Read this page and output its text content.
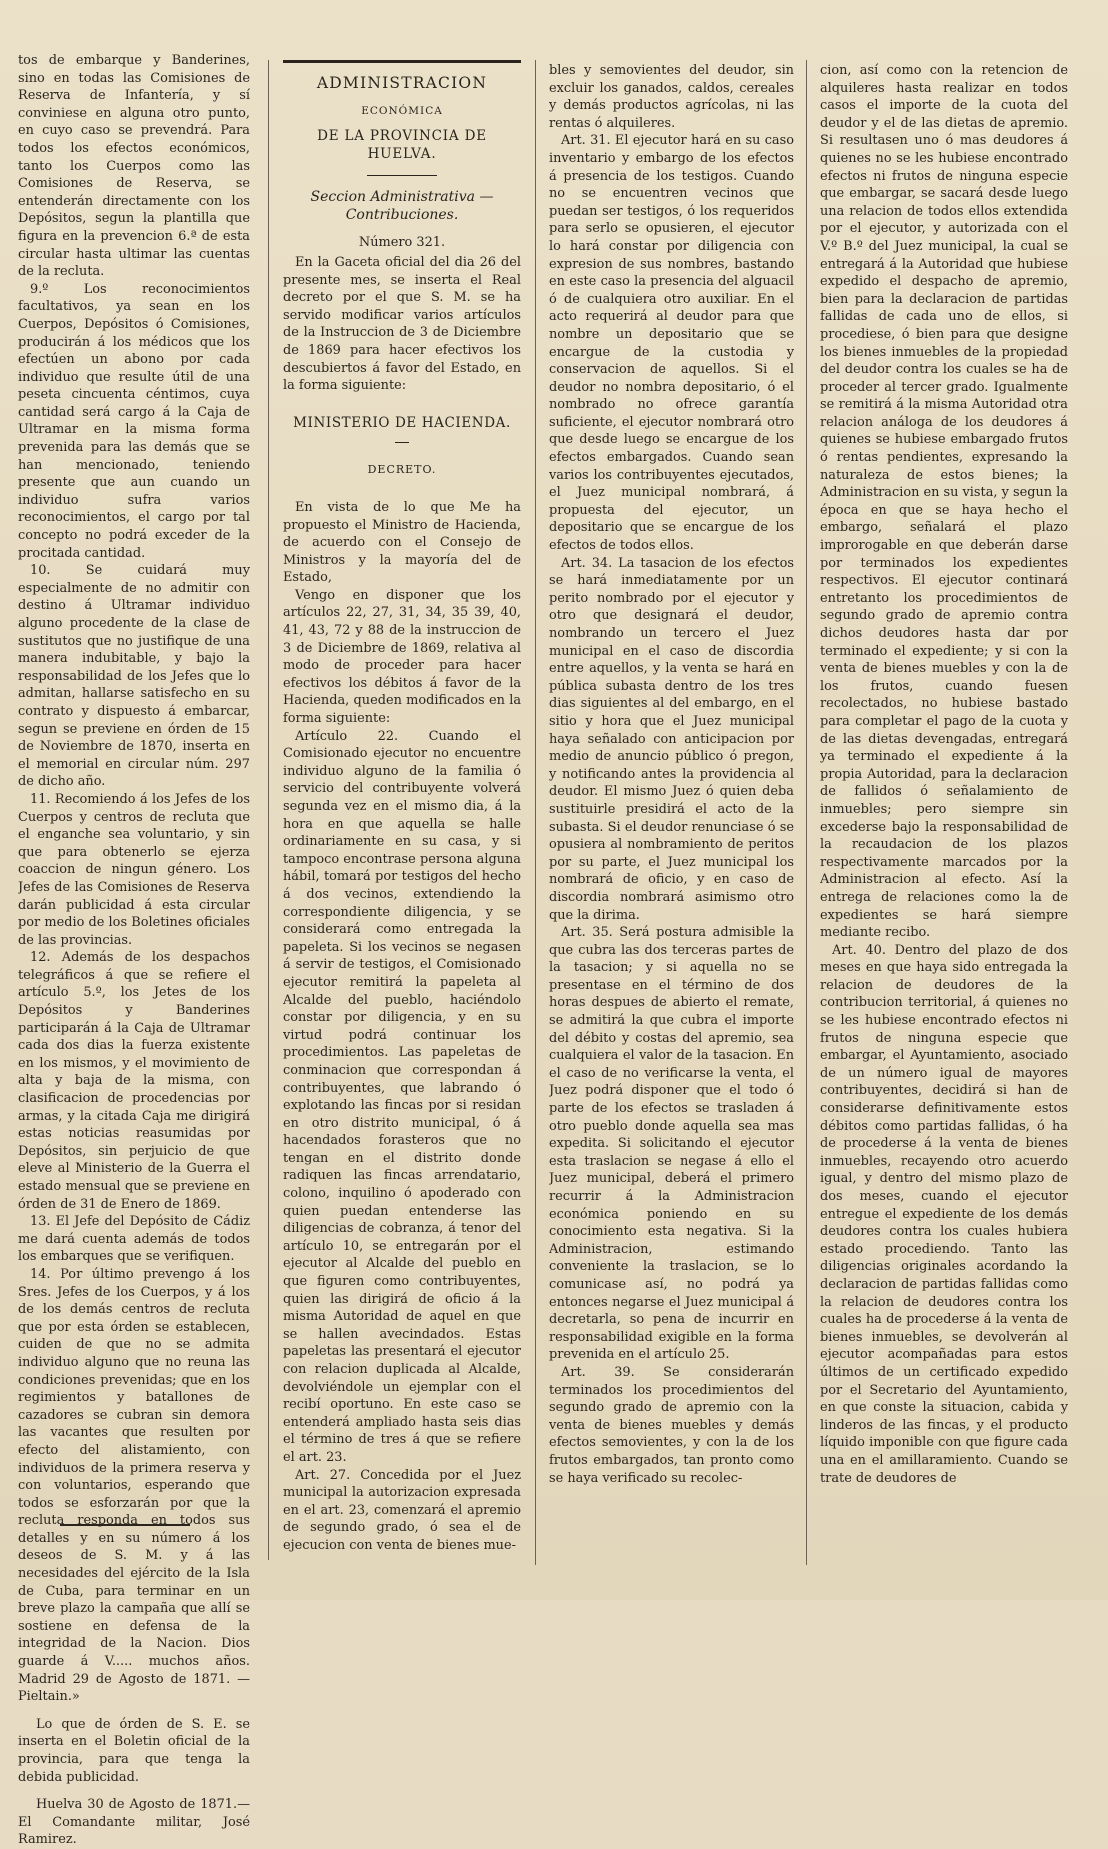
tos de embarque y Banderines, sino en todas las Comisiones de Reserva de Infantería, y sí conviniese en alguna otro punto, en cuyo caso se prevendrá. Para todos los efectos económicos, tanto los Cuerpos como las Comisiones de Reserva, se entenderán directamente con los Depósitos, segun la plantilla que figura en la prevencion 6.ª de esta circular hasta ultimar las cuentas de la recluta.

9.º Los reconocimientos facultativos, ya sean en los Cuerpos, Depósitos ó Comisiones, producirán á los médicos que los efectúen un abono por cada individuo que resulte útil de una peseta cincuenta céntimos, cuya cantidad será cargo á la Caja de Ultramar en la misma forma prevenida para las demás que se han mencionado, teniendo presente que aun cuando un individuo sufra varios reconocimientos, el cargo por tal concepto no podrá exceder de la procitada cantidad.

10. Se cuidará muy especialmente de no admitir con destino á Ultramar individuo alguno procedente de la clase de sustitutos que no justifique de una manera indubitable, y bajo la responsabilidad de los Jefes que lo admitan, hallarse satisfecho en su contrato y dispuesto á embarcar, segun se previene en órden de 15 de Noviembre de 1870, inserta en el memorial en circular núm. 297 de dicho año.

11. Recomiendo á los Jefes de los Cuerpos y centros de recluta que el enganche sea voluntario, y sin que para obtenerlo se ejerza coaccion de ningun género. Los Jefes de las Comisiones de Reserva darán publicidad á esta circular por medio de los Boletines oficiales de las provincias.

12. Además de los despachos telegráficos á que se refiere el artículo 5.º, los Jetes de los Depósitos y Banderines participarán á la Caja de Ultramar cada dos dias la fuerza existente en los mismos, y el movimiento de alta y baja de la misma, con clasificacion de procedencias por armas, y la citada Caja me dirigirá estas noticias reasumidas por Depósitos, sin perjuicio de que eleve al Ministerio de la Guerra el estado mensual que se previene en órden de 31 de Enero de 1869.

13. El Jefe del Depósito de Cádiz me dará cuenta además de todos los embarques que se verifiquen.

14. Por último prevengo á los Sres. Jefes de los Cuerpos, y á los de los demás centros de recluta que por esta órden se establecen, cuiden de que no se admita individuo alguno que no reuna las condiciones prevenidas; que en los regimientos y batallones de cazadores se cubran sin demora las vacantes que resulten por efecto del alistamiento, con individuos de la primera reserva y con voluntarios, esperando que todos se esforzarán por que la recluta responda en todos sus detalles y en su número á los deseos de S. M. y á las necesidades del ejército de la Isla de Cuba, para terminar en un breve plazo la campaña que allí se sostiene en defensa de la integridad de la Nacion. Dios guarde á V..... muchos años. Madrid 29 de Agosto de 1871. —Pieltain.»

Lo que de órden de S. E. se inserta en el Boletin oficial de la provincia, para que tenga la debida publicidad.

Huelva 30 de Agosto de 1871.—El Comandante militar, José Ramirez.

ADMINISTRACION
ECONÓMICA
DE LA PROVINCIA DE HUELVA.
Seccion Administrativa —Contribuciones.
Número 321.

En la Gaceta oficial del dia 26 del presente mes, se inserta el Real decreto por el que S. M. se ha servido modificar varios artículos de la Instruccion de 3 de Diciembre de 1869 para hacer efectivos los descubiertos á favor del Estado, en la forma siguiente:

MINISTERIO DE HACIENDA.
DECRETO.

En vista de lo que Me ha propuesto el Ministro de Hacienda, de acuerdo con el Consejo de Ministros y la mayoría del de Estado,

Vengo en disponer que los artículos 22, 27, 31, 34, 35 39, 40, 41, 43, 72 y 88 de la instruccion de 3 de Diciembre de 1869, relativa al modo de proceder para hacer efectivos los débitos á favor de la Hacienda, queden modificados en la forma siguiente:

Artículo 22. Cuando el Comisionado ejecutor no encuentre individuo alguno de la familia ó servicio del contribuyente volverá segunda vez en el mismo dia, á la hora en que aquella se halle ordinariamente en su casa, y si tampoco encontrase persona alguna hábil, tomará por testigos del hecho á dos vecinos, extendiendo la correspondiente diligencia, y se considerará como entregada la papeleta. Si los vecinos se negasen á servir de testigos, el Comisionado ejecutor remitirá la papeleta al Alcalde del pueblo, haciéndolo constar por diligencia, y en su virtud podrá continuar los procedimientos. Las papeletas de conminacion que correspondan á contribuyentes, que labrando ó explotando las fincas por si residan en otro distrito municipal, ó á hacendados forasteros que no tengan en el distrito donde radiquen las fincas arrendatario, colono, inquilino ó apoderado con quien puedan entenderse las diligencias de cobranza, á tenor del artículo 10, se entregarán por el ejecutor al Alcalde del pueblo en que figuren como contribuyentes, quien las dirigirá de oficio á la misma Autoridad de aquel en que se hallen avecindados. Estas papeletas las presentará el ejecutor con relacion duplicada al Alcalde, devolviéndole un ejemplar con el recibí oportuno. En este caso se entenderá ampliado hasta seis dias el término de tres á que se refiere el art. 23.

Art. 27. Concedida por el Juez municipal la autorizacion expresada en el art. 23, comenzará el apremio de segundo grado, ó sea el de ejecucion con venta de bienes mue-

bles y semovientes del deudor, sin excluir los ganados, caldos, cereales y demás productos agrícolas, ni las rentas ó alquileres.

Art. 31. El ejecutor hará en su caso inventario y embargo de los efectos á presencia de los testigos. Cuando no se encuentren vecinos que puedan ser testigos, ó los requeridos para serlo se opusieren, el ejecutor lo hará constar por diligencia con expresion de sus nombres, bastando en este caso la presencia del alguacil ó de cualquiera otro auxiliar. En el acto requerirá al deudor para que nombre un depositario que se encargue de la custodia y conservacion de aquellos. Si el deudor no nombra depositario, ó el nombrado no ofrece garantía suficiente, el ejecutor nombrará otro que desde luego se encargue de los efectos embargados. Cuando sean varios los contribuyentes ejecutados, el Juez municipal nombrará, á propuesta del ejecutor, un depositario que se encargue de los efectos de todos ellos.

Art. 34. La tasacion de los efectos se hará inmediatamente por un perito nombrado por el ejecutor y otro que designará el deudor, nombrando un tercero el Juez municipal en el caso de discordia entre aquellos, y la venta se hará en pública subasta dentro de los tres dias siguientes al del embargo, en el sitio y hora que el Juez municipal haya señalado con anticipacion por medio de anuncio público ó pregon, y notificando antes la providencia al deudor. El mismo Juez ó quien deba sustituirle presidirá el acto de la subasta. Si el deudor renunciase ó se opusiera al nombramiento de peritos por su parte, el Juez municipal los nombrará de oficio, y en caso de discordia nombrará asimismo otro que la dirima.

Art. 35. Será postura admisible la que cubra las dos terceras partes de la tasacion; y si aquella no se presentase en el término de dos horas despues de abierto el remate, se admitirá la que cubra el importe del débito y costas del apremio, sea cualquiera el valor de la tasacion. En el caso de no verificarse la venta, el Juez podrá disponer que el todo ó parte de los efectos se trasladen á otro pueblo donde aquella sea mas expedita. Si solicitando el ejecutor esta traslacion se negase á ello el Juez municipal, deberá el primero recurrir á la Administracion económica poniendo en su conocimiento esta negativa. Si la Administracion, estimando conveniente la traslacion, se lo comunicase así, no podrá ya entonces negarse el Juez municipal á decretarla, so pena de incurrir en responsabilidad exigible en la forma prevenida en el artículo 25.

Art. 39. Se considerarán terminados los procedimientos del segundo grado de apremio con la venta de bienes muebles y demás efectos semovientes, y con la de los frutos embargados, tan pronto como se haya verificado su recolec-

cion, así como con la retencion de alquileres hasta realizar en todos casos el importe de la cuota del deudor y el de las dietas de apremio. Si resultasen uno ó mas deudores á quienes no se les hubiese encontrado efectos ni frutos de ninguna especie que embargar, se sacará desde luego una relacion de todos ellos extendida por el ejecutor, y autorizada con el V.º B.º del Juez municipal, la cual se entregará á la Autoridad que hubiese expedido el despacho de apremio, bien para la declaracion de partidas fallidas de cada uno de ellos, si procediese, ó bien para que designe los bienes inmuebles de la propiedad del deudor contra los cuales se ha de proceder al tercer grado. Igualmente se remitirá á la misma Autoridad otra relacion análoga de los deudores á quienes se hubiese embargado frutos ó rentas pendientes, expresando la naturaleza de estos bienes; la Administracion en su vista, y segun la época en que se haya hecho el embargo, señalará el plazo improrogable en que deberán darse por terminados los expedientes respectivos. El ejecutor continará entretanto los procedimientos de segundo grado de apremio contra dichos deudores hasta dar por terminado el expediente; y si con la venta de bienes muebles y con la de los frutos, cuando fuesen recolectados, no hubiese bastado para completar el pago de la cuota y de las dietas devengadas, entregará ya terminado el expediente á la propia Autoridad, para la declaracion de fallidos ó señalamiento de inmuebles; pero siempre sin excederse bajo la responsabilidad de la recaudacion de los plazos respectivamente marcados por la Administracion al efecto. Así la entrega de relaciones como la de expedientes se hará siempre mediante recibo.

Art. 40. Dentro del plazo de dos meses en que haya sido entregada la relacion de deudores de la contribucion territorial, á quienes no se les hubiese encontrado efectos ni frutos de ninguna especie que embargar, el Ayuntamiento, asociado de un número igual de mayores contribuyentes, decidirá si han de considerarse definitivamente estos débitos como partidas fallidas, ó ha de procederse á la venta de bienes inmuebles, recayendo otro acuerdo igual, y dentro del mismo plazo de dos meses, cuando el ejecutor entregue el expediente de los demás deudores contra los cuales hubiera estado procediendo. Tanto las diligencias originales acordando la declaracion de partidas fallidas como la relacion de deudores contra los cuales ha de procederse á la venta de bienes inmuebles, se devolverán al ejecutor acompañadas para estos últimos de un certificado expedido por el Secretario del Ayuntamiento, en que conste la situacion, cabida y linderos de las fincas, y el producto líquido imponible con que figure cada una en el amillaramiento. Cuando se trate de deudores de
